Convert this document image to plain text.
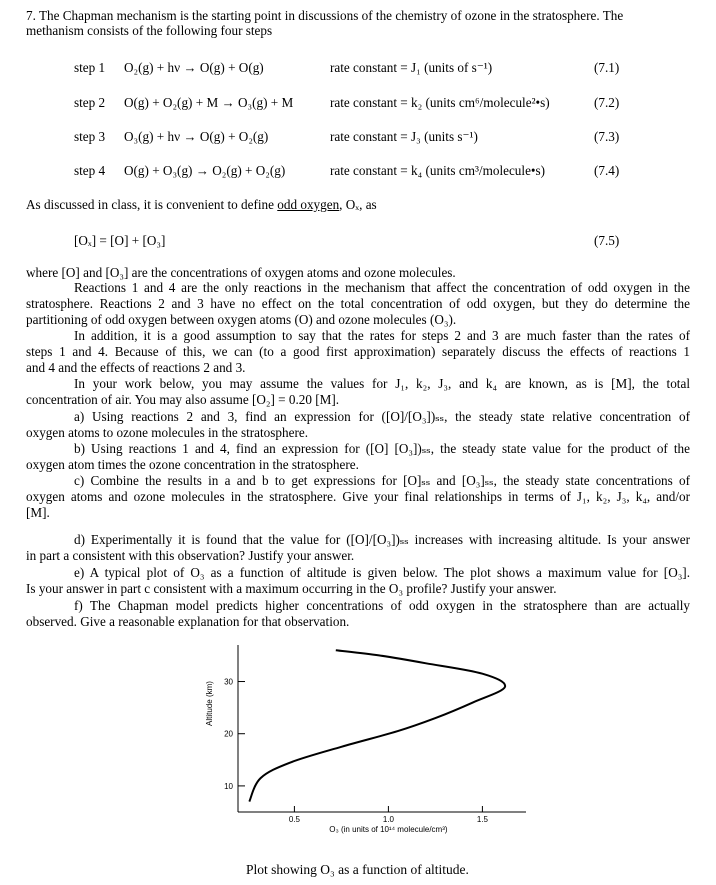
7. The Chapman mechanism is the starting point in discussions of the chemistry of ozone in the stratosphere. The
methanism consists of the following four steps
step 1 O₂(g) + hν → O(g) + O(g)	rate constant = J₁ (units of s⁻¹)	(7.1)
step 2 O(g) + O₂(g) + M → O₃(g) + M	rate constant = k₂ (units cm⁶/molecule²•s)	(7.2)
step 3 O₃(g) + hν → O(g) + O₂(g)	rate constant = J₃ (units s⁻¹)	(7.3)
step 4 O(g) + O₃(g) → O₂(g) + O₂(g)	rate constant = k₄ (units cm³/molecule•s)	(7.4)
As discussed in class, it is convenient to define odd oxygen, Oₓ, as
[Oₓ] = [O] + [O₃]	(7.5)
where [O] and [O₃] are the concentrations of oxygen atoms and ozone molecules.
Reactions 1 and 4 are the only reactions in the mechanism that affect the concentration of odd oxygen in the
stratosphere. Reactions 2 and 3 have no effect on the total concentration of odd oxygen, but they do determine the
partitioning of odd oxygen between oxygen atoms (O) and ozone molecules (O₃).
In addition, it is a good assumption to say that the rates for steps 2 and 3 are much faster than the rates of
steps 1 and 4. Because of this, we can (to a good first approximation) separately discuss the effects of reactions 1
and 4 and the effects of reactions 2 and 3.
In your work below, you may assume the values for J₁, k₂, J₃, and k₄ are known, as is [M], the total
concentration of air. You may also assume [O₂] = 0.20 [M].
a) Using reactions 2 and 3, find an expression for ([O]/[O₃])ₛₛ, the steady state relative concentration of
oxygen atoms to ozone molecules in the stratosphere.
b) Using reactions 1 and 4, find an expression for ([O] [O₃])ₛₛ, the steady state value for the product of the
oxygen atom times the ozone concentration in the stratosphere.
c) Combine the results in a and b to get expressions for [O]ₛₛ and [O₃]ₛₛ, the steady state concentrations of
oxygen atoms and ozone molecules in the stratosphere. Give your final relationships in terms of J₁, k₂, J₃, k₄, and/or
[M].
d) Experimentally it is found that the value for ([O]/[O₃])ₛₛ increases with increasing altitude. Is your answer
in part a consistent with this observation? Justify your answer.
e) A typical plot of O₃ as a function of altitude is given below. The plot shows a maximum value for [O₃].
Is your answer in part c consistent with a maximum occurring in the O₃ profile? Justify your answer.
f) The Chapman model predicts higher concentrations of odd oxygen in the stratosphere than are actually
observed. Give a reasonable explanation for that observation.
10
20
30
0.5	1.0	1.5
Altitude (km)
O₃ (in units of 10¹⁴ molecule/cm³)
Plot showing O₃ as a function of altitude.
